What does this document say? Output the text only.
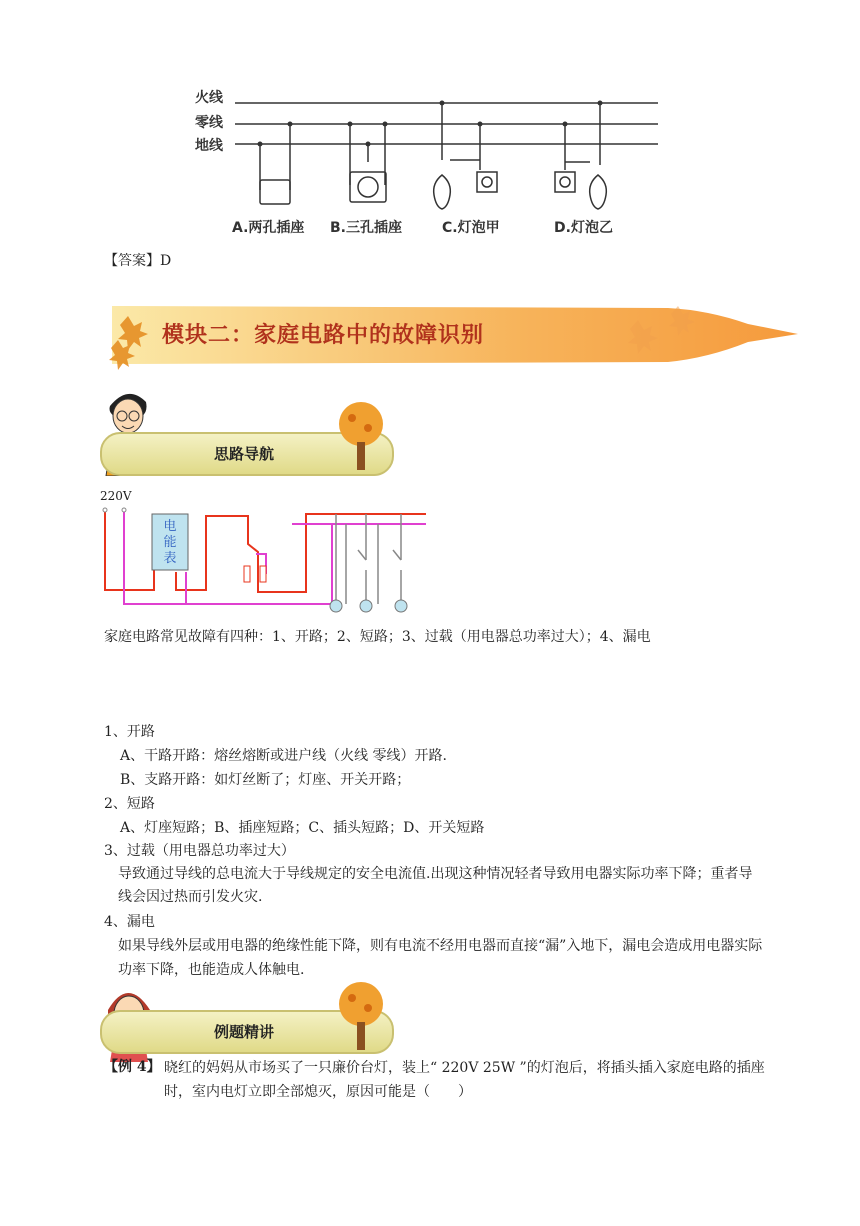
火线
零线
地线
A.两孔插座 B.三孔插座	C.灯泡甲	D.灯泡乙
【答案】D
模块二：家庭电路中的故障识别
思路导航
220V
电
能
表
家庭电路常见故障有四种：1、开路；2、短路；3、过载（用电器总功率过大）；4、漏电
1、开路
A、干路开路：熔丝熔断或进户线（火线 零线）开路.
B、支路开路：如灯丝断了；灯座、开关开路；
2、短路
A、灯座短路；B、插座短路；C、插头短路；D、开关短路
3、过载（用电器总功率过大）
导致通过导线的总电流大于导线规定的安全电流值.出现这种情况轻者导致用电器实际功率下降；重者导线会因过热而引发火灾.
4、漏电
如果导线外层或用电器的绝缘性能下降，则有电流不经用电器而直接“漏”入地下，漏电会造成用电器实际功率下降，也能造成人体触电.
例题精讲
【例 4】 晓红的妈妈从市场买了一只廉价台灯，装上“ 220V 25W ”的灯泡后，将插头插入家庭电路的插座时，室内电灯立即全部熄灭，原因可能是（　　）
